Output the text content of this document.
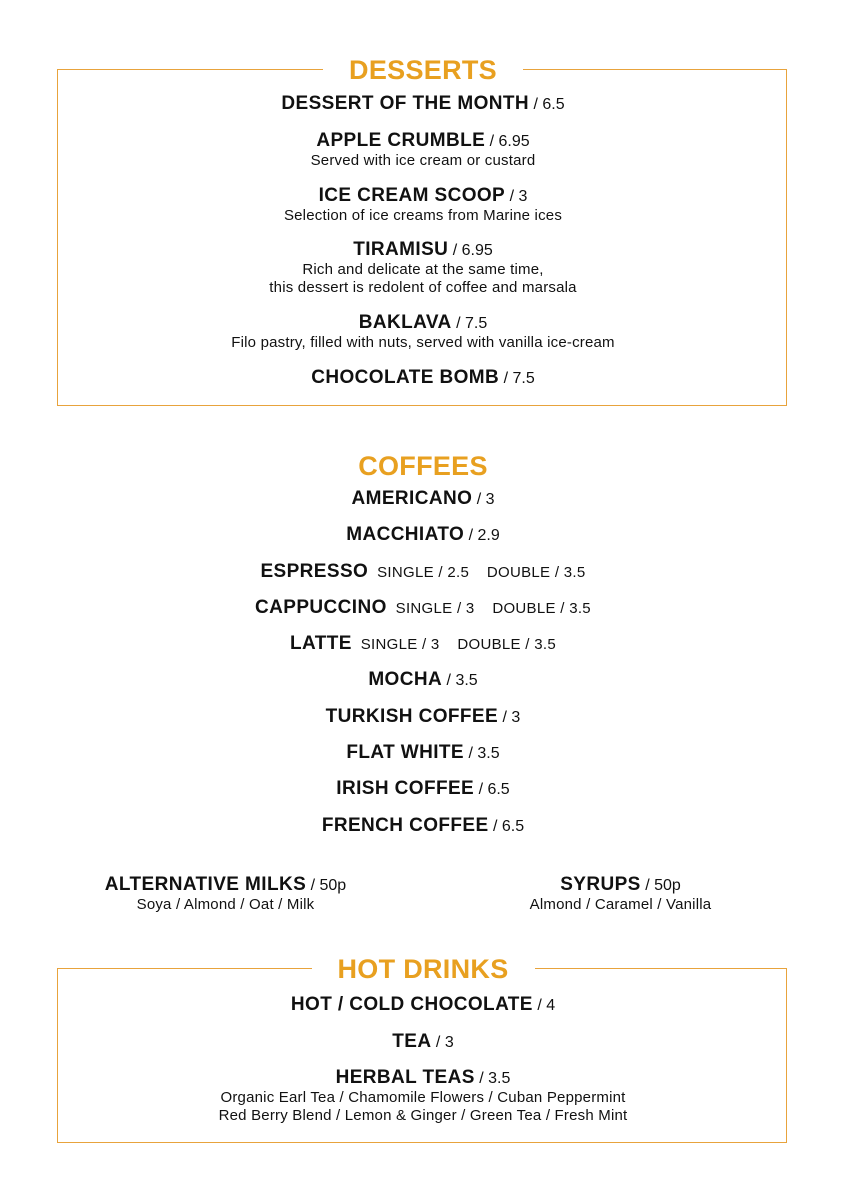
DESSERTS
DESSERT OF THE MONTH / 6.5
APPLE CRUMBLE / 6.95
Served with ice cream or custard
ICE CREAM SCOOP / 3
Selection of ice creams from Marine ices
TIRAMISU / 6.95
Rich and delicate at the same time,
this dessert is redolent of coffee and marsala
BAKLAVA / 7.5
Filo pastry, filled with nuts, served with vanilla ice-cream
CHOCOLATE BOMB / 7.5
COFFEES
AMERICANO / 3
MACCHIATO / 2.9
ESPRESSO SINGLE / 2.5 DOUBLE / 3.5
CAPPUCCINO SINGLE / 3 DOUBLE / 3.5
LATTE SINGLE / 3 DOUBLE / 3.5
MOCHA / 3.5
TURKISH COFFEE / 3
FLAT WHITE / 3.5
IRISH COFFEE / 6.5
FRENCH COFFEE / 6.5
ALTERNATIVE MILKS / 50p
Soya / Almond / Oat / Milk
SYRUPS / 50p
Almond / Caramel / Vanilla
HOT DRINKS
HOT / COLD CHOCOLATE / 4
TEA / 3
HERBAL TEAS / 3.5
Organic Earl Tea / Chamomile Flowers / Cuban Peppermint
Red Berry Blend / Lemon & Ginger / Green Tea / Fresh Mint
